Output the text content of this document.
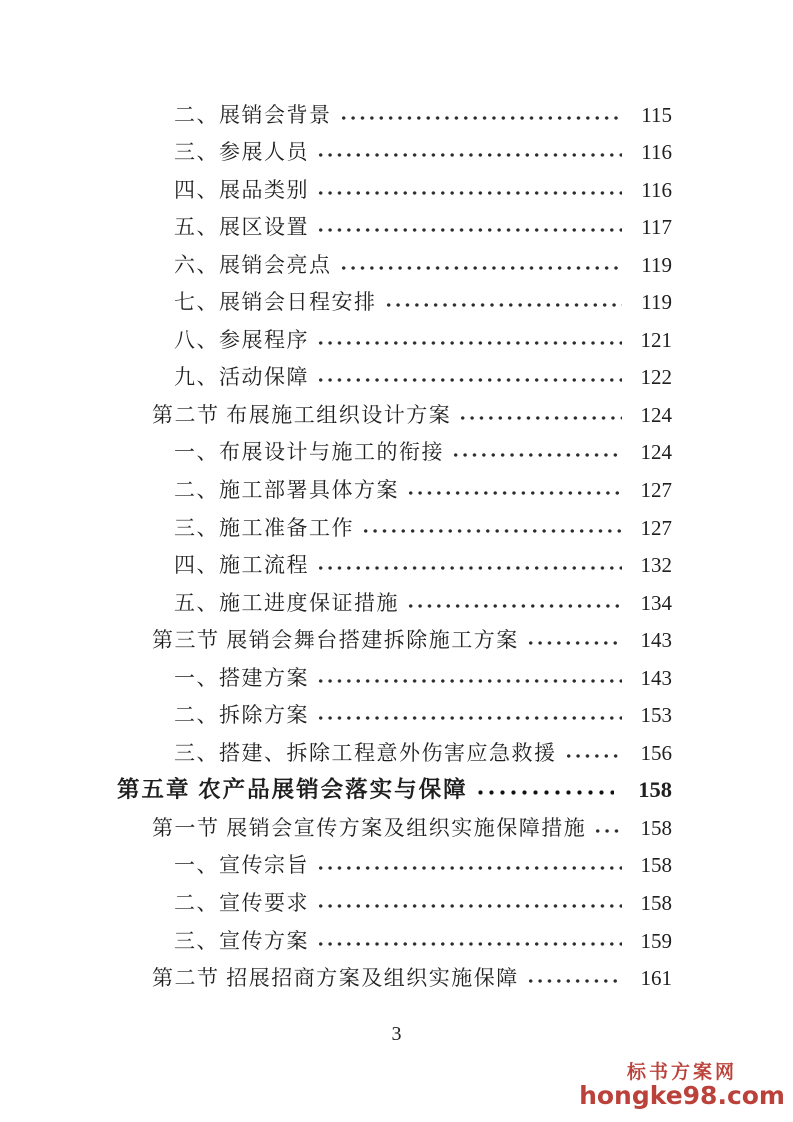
二、展销会背景	115
三、参展人员	116
四、展品类别	116
五、展区设置	117
六、展销会亮点	119
七、展销会日程安排	119
八、参展程序	121
九、活动保障	122
第二节 布展施工组织设计方案	124
一、布展设计与施工的衔接	124
二、施工部署具体方案	127
三、施工准备工作	127
四、施工流程	132
五、施工进度保证措施	134
第三节 展销会舞台搭建拆除施工方案	143
一、搭建方案	143
二、拆除方案	153
三、搭建、拆除工程意外伤害应急救援	156
第五章 农产品展销会落实与保障	158
第一节 展销会宣传方案及组织实施保障措施	158
一、宣传宗旨	158
二、宣传要求	158
三、宣传方案	159
第二节 招展招商方案及组织实施保障	161
3
标书方案网
hongke98.com
